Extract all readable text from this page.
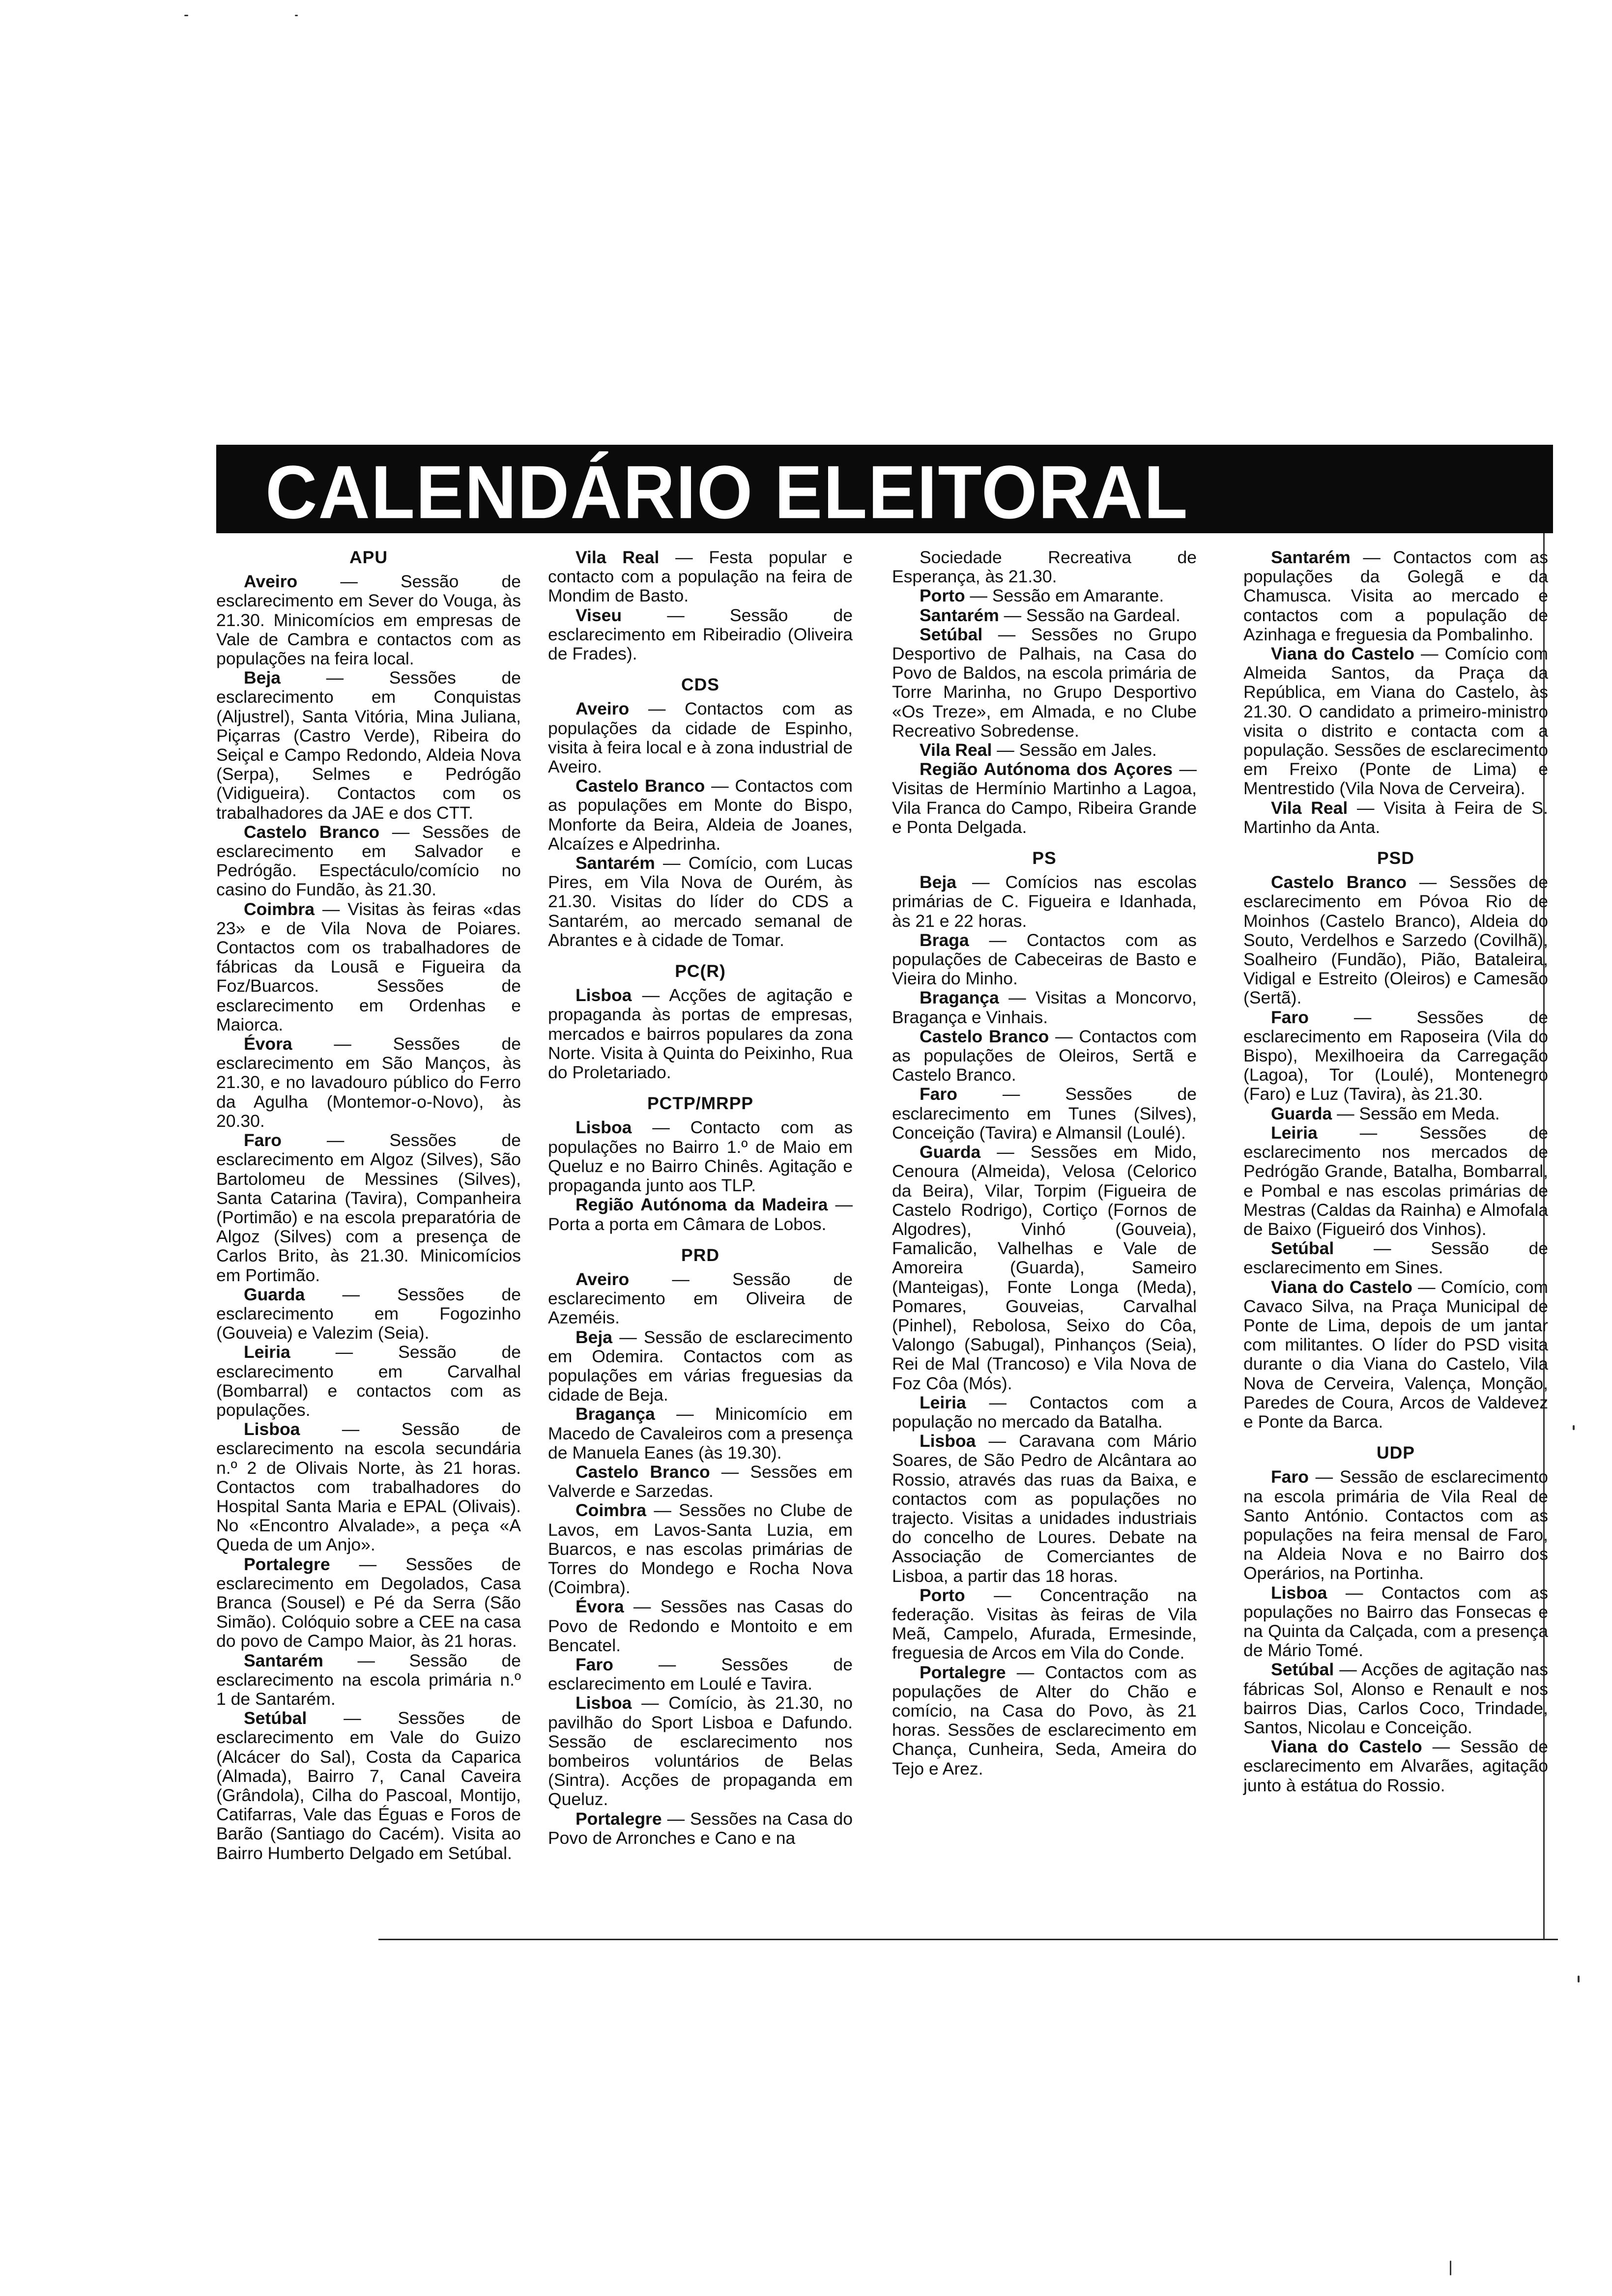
CALENDÁRIO ELEITORAL
APU

Aveiro — Sessão de esclarecimento em Sever do Vouga, às 21.30. Minicomícios em empresas de Vale de Cambra e contactos com as populações na feira local.

Beja — Sessões de esclarecimento em Conquistas (Aljustrel), Santa Vitória, Mina Juliana, Piçarras (Castro Verde), Ribeira do Seiçal e Campo Redondo, Aldeia Nova (Serpa), Selmes e Pedrógão (Vidigueira). Contactos com os trabalhadores da JAE e dos CTT.

Castelo Branco — Sessões de esclarecimento em Salvador e Pedrógão. Espectáculo/comício no casino do Fundão, às 21.30.

Coimbra — Visitas às feiras «das 23» e de Vila Nova de Poiares. Contactos com os trabalhadores de fábricas da Lousã e Figueira da Foz/Buarcos. Sessões de esclarecimento em Ordenhas e Maiorca.

Évora — Sessões de esclarecimento em São Manços, às 21.30, e no lavadouro público do Ferro da Agulha (Montemor-o-Novo), às 20.30.

Faro — Sessões de esclarecimento em Algoz (Silves), São Bartolomeu de Messines (Silves), Santa Catarina (Tavira), Companheira (Portimão) e na escola preparatória de Algoz (Silves) com a presença de Carlos Brito, às 21.30. Minicomícios em Portimão.

Guarda — Sessões de esclarecimento em Fogozinho (Gouveia) e Valezim (Seia).

Leiria — Sessão de esclarecimento em Carvalhal (Bombarral) e contactos com as populações.

Lisboa — Sessão de esclarecimento na escola secundária n.º 2 de Olivais Norte, às 21 horas. Contactos com trabalhadores do Hospital Santa Maria e EPAL (Olivais). No «Encontro Alvalade», a peça «A Queda de um Anjo».

Portalegre — Sessões de esclarecimento em Degolados, Casa Branca (Sousel) e Pé da Serra (São Simão). Colóquio sobre a CEE na casa do povo de Campo Maior, às 21 horas.

Santarém — Sessão de esclarecimento na escola primária n.º 1 de Santarém.

Setúbal — Sessões de esclarecimento em Vale do Guizo (Alcácer do Sal), Costa da Caparica (Almada), Bairro 7, Canal Caveira (Grândola), Cilha do Pascoal, Montijo, Catifarras, Vale das Éguas e Foros de Barão (Santiago do Cacém). Visita ao Bairro Humberto Delgado em Setúbal.

Vila Real — Festa popular e contacto com a população na feira de Mondim de Basto.

Viseu — Sessão de esclarecimento em Ribeiradio (Oliveira de Frades).

CDS

Aveiro — Contactos com as populações da cidade de Espinho, visita à feira local e à zona industrial de Aveiro.

Castelo Branco — Contactos com as populações em Monte do Bispo, Monforte da Beira, Aldeia de Joanes, Alcaízes e Alpedrinha.

Santarém — Comício, com Lucas Pires, em Vila Nova de Ourém, às 21.30. Visitas do líder do CDS a Santarém, ao mercado semanal de Abrantes e à cidade de Tomar.

PC(R)

Lisboa — Acções de agitação e propaganda às portas de empresas, mercados e bairros populares da zona Norte. Visita à Quinta do Peixinho, Rua do Proletariado.

PCTP/MRPP

Lisboa — Contacto com as populações no Bairro 1.º de Maio em Queluz e no Bairro Chinês. Agitação e propaganda junto aos TLP.

Região Autónoma da Madeira — Porta a porta em Câmara de Lobos.

PRD

Aveiro — Sessão de esclarecimento em Oliveira de Azeméis.

Beja — Sessão de esclarecimento em Odemira. Contactos com as populações em várias freguesias da cidade de Beja.

Bragança — Minicomício em Macedo de Cavaleiros com a presença de Manuela Eanes (às 19.30).

Castelo Branco — Sessões em Valverde e Sarzedas.

Coimbra — Sessões no Clube de Lavos, em Lavos-Santa Luzia, em Buarcos, e nas escolas primárias de Torres do Mondego e Rocha Nova (Coimbra).

Évora — Sessões nas Casas do Povo de Redondo e Montoito e em Bencatel.

Faro — Sessões de esclarecimento em Loulé e Tavira.

Lisboa — Comício, às 21.30, no pavilhão do Sport Lisboa e Dafundo. Sessão de esclarecimento nos bombeiros voluntários de Belas (Sintra). Acções de propaganda em Queluz.

Portalegre — Sessões na Casa do Povo de Arronches e Cano e na

Sociedade Recreativa de Esperança, às 21.30.

Porto — Sessão em Amarante.

Santarém — Sessão na Gardeal.

Setúbal — Sessões no Grupo Desportivo de Palhais, na Casa do Povo de Baldos, na escola primária de Torre Marinha, no Grupo Desportivo «Os Treze», em Almada, e no Clube Recreativo Sobredense.

Vila Real — Sessão em Jales.

Região Autónoma dos Açores — Visitas de Hermínio Martinho a Lagoa, Vila Franca do Campo, Ribeira Grande e Ponta Delgada.

PS

Beja — Comícios nas escolas primárias de C. Figueira e Idanhada, às 21 e 22 horas.

Braga — Contactos com as populações de Cabeceiras de Basto e Vieira do Minho.

Bragança — Visitas a Moncorvo, Bragança e Vinhais.

Castelo Branco — Contactos com as populações de Oleiros, Sertã e Castelo Branco.

Faro — Sessões de esclarecimento em Tunes (Silves), Conceição (Tavira) e Almansil (Loulé).

Guarda — Sessões em Mido, Cenoura (Almeida), Velosa (Celorico da Beira), Vilar, Torpim (Figueira de Castelo Rodrigo), Cortiço (Fornos de Algodres), Vinhó (Gouveia), Famalicão, Valhelhas e Vale de Amoreira (Guarda), Sameiro (Manteigas), Fonte Longa (Meda), Pomares, Gouveias, Carvalhal (Pinhel), Rebolosa, Seixo do Côa, Valongo (Sabugal), Pinhanços (Seia), Rei de Mal (Trancoso) e Vila Nova de Foz Côa (Mós).

Leiria — Contactos com a população no mercado da Batalha.

Lisboa — Caravana com Mário Soares, de São Pedro de Alcântara ao Rossio, através das ruas da Baixa, e contactos com as populações no trajecto. Visitas a unidades industriais do concelho de Loures. Debate na Associação de Comerciantes de Lisboa, a partir das 18 horas.

Porto — Concentração na federação. Visitas às feiras de Vila Meã, Campelo, Afurada, Ermesinde, freguesia de Arcos em Vila do Conde.

Portalegre — Contactos com as populações de Alter do Chão e comício, na Casa do Povo, às 21 horas. Sessões de esclarecimento em Chança, Cunheira, Seda, Ameira do Tejo e Arez.

Santarém — Contactos com as populações da Golegã e da Chamusca. Visita ao mercado e contactos com a população de Azinhaga e freguesia da Pombalinho.

Viana do Castelo — Comício com Almeida Santos, da Praça da República, em Viana do Castelo, às 21.30. O candidato a primeiro-ministro visita o distrito e contacta com a população. Sessões de esclarecimento em Freixo (Ponte de Lima) e Mentrestido (Vila Nova de Cerveira).

Vila Real — Visita à Feira de S. Martinho da Anta.

PSD

Castelo Branco — Sessões de esclarecimento em Póvoa Rio de Moinhos (Castelo Branco), Aldeia do Souto, Verdelhos e Sarzedo (Covilhã), Soalheiro (Fundão), Pião, Bataleira, Vidigal e Estreito (Oleiros) e Camesão (Sertã).

Faro — Sessões de esclarecimento em Raposeira (Vila do Bispo), Mexilhoeira da Carregação (Lagoa), Tor (Loulé), Montenegro (Faro) e Luz (Tavira), às 21.30.

Guarda — Sessão em Meda.

Leiria — Sessões de esclarecimento nos mercados de Pedrógão Grande, Batalha, Bombarral, e Pombal e nas escolas primárias de Mestras (Caldas da Rainha) e Almofala de Baixo (Figueiró dos Vinhos).

Setúbal — Sessão de esclarecimento em Sines.

Viana do Castelo — Comício, com Cavaco Silva, na Praça Municipal de Ponte de Lima, depois de um jantar com militantes. O líder do PSD visita durante o dia Viana do Castelo, Vila Nova de Cerveira, Valença, Monção, Paredes de Coura, Arcos de Valdevez e Ponte da Barca.

UDP

Faro — Sessão de esclarecimento na escola primária de Vila Real de Santo António. Contactos com as populações na feira mensal de Faro, na Aldeia Nova e no Bairro dos Operários, na Portinha.

Lisboa — Contactos com as populações no Bairro das Fonsecas e na Quinta da Calçada, com a presença de Mário Tomé.

Setúbal — Acções de agitação nas fábricas Sol, Alonso e Renault e nos bairros Dias, Carlos Coco, Trindade, Santos, Nicolau e Conceição.

Viana do Castelo — Sessão de esclarecimento em Alvarães, agitação junto à estátua do Rossio.
